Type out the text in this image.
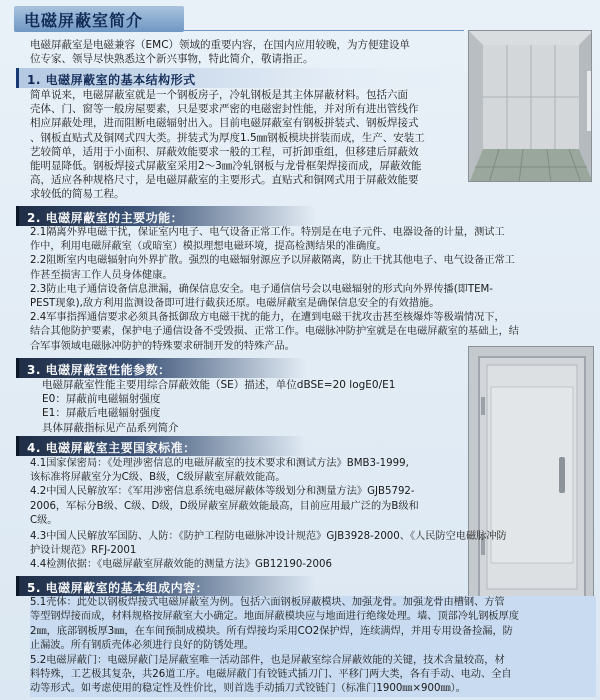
电磁屏蔽室简介
电磁屏蔽室是电磁兼容（EMC）领域的重要内容，在国内应用较晚，为方便建设单
位专家、领导尽快熟悉这个新兴事物，特此简介，敬请指正。
1. 电磁屏蔽室的基本结构形式
简单说来，电磁屏蔽室就是一个钢板房子，冷轧钢板是其主体屏蔽材料。包括六面
壳体、门、窗等一般房屋要素，只是要求严密的电磁密封性能，并对所有进出管线作
相应屏蔽处理，进而阻断电磁辐射出入。目前电磁屏蔽室有钢板拼装式、钢板焊接式
、钢板直贴式及铜网式四大类。拼装式为厚度1.5㎜钢板模块拼装而成，生产、安装工
艺较简单，适用于小面积、屏蔽效能要求一般的工程，可折卸重组，但移建后屏蔽效
能明显降低。钢板焊接式屏蔽室采用2～3㎜冷轧钢板与龙骨框架焊接而成，屏蔽效能
高，适应各种规格尺寸，是电磁屏蔽室的主要形式。直贴式和铜网式用于屏蔽效能要
求较低的简易工程。
2. 电磁屏蔽室的主要功能：
2.1隔离外界电磁干扰，保证室内电子、电气设备正常工作。特别是在电子元件、电器设备的计量，测试工
作中，利用电磁屏蔽室（或暗室）模拟理想电磁环境，提高检测结果的准确度。
2.2阻断室内电磁辐射向外界扩散。强烈的电磁辐射源应予以屏蔽隔离，防止干扰其他电子、电气设备正常工
作甚至损害工作人员身体健康。
2.3防止电子通信设备信息泄漏，确保信息安全。电子通信信号会以电磁辐射的形式向外界传播(即TEM-
PEST现象),敌方利用监测设备即可进行截获还原。电磁屏蔽室是确保信息安全的有效措施。
2.4军事指挥通信要求必须具备抵御敌方电磁干扰的能力，在遭到电磁干扰攻击甚至核爆炸等极端情况下，
结合其他防护要素，保护电子通信设备不受毁损、正常工作。电磁脉冲防护室就是在电磁屏蔽室的基础上，结
合军事领域电磁脉冲防护的特殊要求研制开发的特殊产品。
3. 电磁屏蔽室性能参数：
电磁屏蔽室性能主要用综合屏蔽效能（SE）描述，单位dBSE=20 logE0/E1
E0：屏蔽前电磁辐射强度
E1：屏蔽后电磁辐射强度
具体屏蔽指标见产品系列简介
4. 电磁屏蔽室主要国家标准：
4.1国家保密局：《处理涉密信息的电磁屏蔽室的技术要求和测试方法》BMB3-1999,
该标准将屏蔽室分为C级、B级，C级屏蔽室屏蔽效能高。
4.2中国人民解放军：《军用涉密信息系统电磁屏蔽体等级划分和测量方法》GJB5792-
2006，军标分B级、C级、D级，D级屏蔽室屏蔽效能最高，目前应用最广泛的为B级和
C级。
4.3中国人民解放军国防、人防：《防护工程防电磁脉冲设计规范》GJB3928-2000、《人民防空电磁脉冲防
护设计规范》RFJ-2001
4.4检测依据：《电磁屏蔽室屏蔽效能的测量方法》GB12190-2006
5. 电磁屏蔽室的基本组成内容：
5.1壳体：此处以钢板焊接式电磁屏蔽室为例。包括六面钢板屏蔽模块、加强龙骨。加强龙骨由槽钢、方管
等型钢焊接而成，材料规格按屏蔽室大小确定。地面屏蔽模块应与地面进行绝缘处理。墙、顶部冷轧钢板厚度
2㎜，底部钢板厚3㎜，在车间预制成模块。所有焊接均采用CO2保护焊，连续满焊，并用专用设备捡漏，防
止漏波。所有钢质壳体必须进行良好的防锈处理。
5.2电磁屏蔽门：电磁屏蔽门是屏蔽室唯一活动部件，也是屏蔽室综合屏蔽效能的关键，技术含量较高，材
料特殊，工艺极其复杂，共26道工序。电磁屏蔽门有铰链式插刀门、平移门两大类，各有手动、电动、全自
动等形式。如考虑使用的稳定性及性价比，则首选手动插刀式铰链门（标准门1900㎜×900㎜）。
